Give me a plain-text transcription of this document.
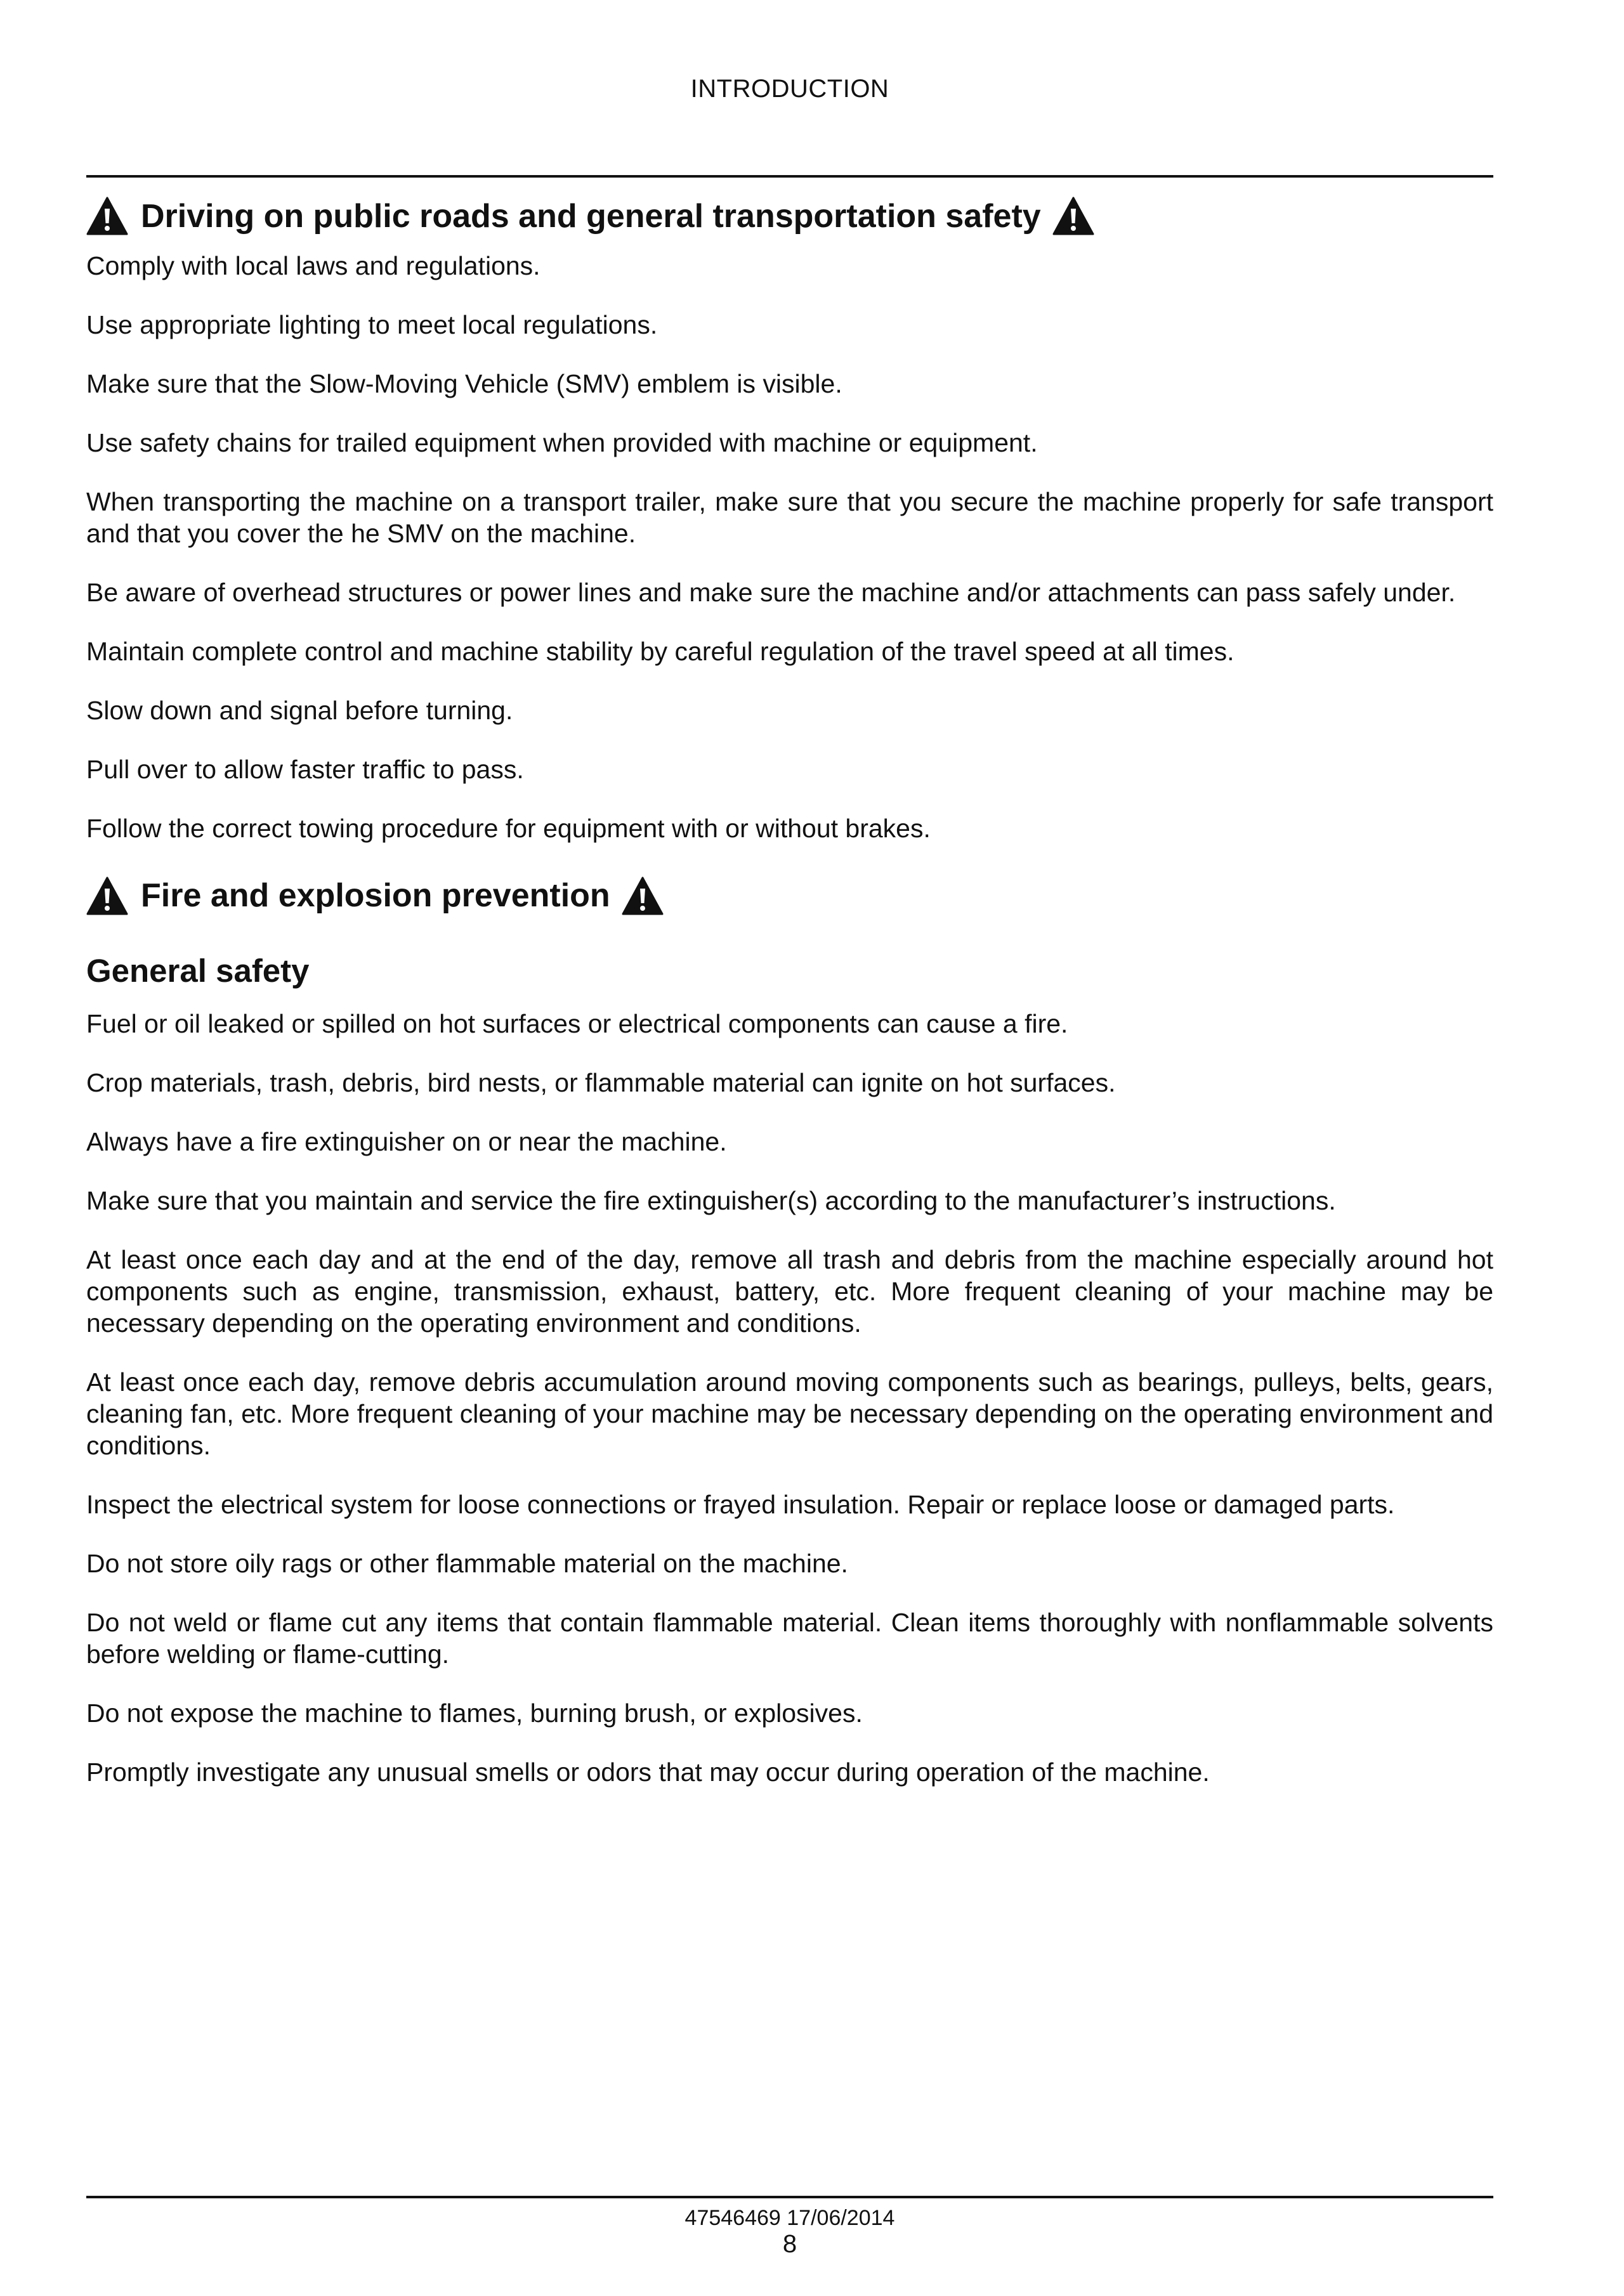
INTRODUCTION
Driving on public roads and general transportation safety

Comply with local laws and regulations.

Use appropriate lighting to meet local regulations.

Make sure that the Slow-Moving Vehicle (SMV) emblem is visible.

Use safety chains for trailed equipment when provided with machine or equipment.

When transporting the machine on a transport trailer, make sure that you secure the machine properly for safe transport and that you cover the he SMV on the machine.

Be aware of overhead structures or power lines and make sure the machine and/or attachments can pass safely under.

Maintain complete control and machine stability by careful regulation of the travel speed at all times.

Slow down and signal before turning.

Pull over to allow faster traffic to pass.

Follow the correct towing procedure for equipment with or without brakes.

Fire and explosion prevention
General safety

Fuel or oil leaked or spilled on hot surfaces or electrical components can cause a fire.

Crop materials, trash, debris, bird nests, or flammable material can ignite on hot surfaces.

Always have a fire extinguisher on or near the machine.

Make sure that you maintain and service the fire extinguisher(s) according to the manufacturer’s instructions.

At least once each day and at the end of the day, remove all trash and debris from the machine especially around hot components such as engine, transmission, exhaust, battery, etc. More frequent cleaning of your machine may be necessary depending on the operating environment and conditions.

At least once each day, remove debris accumulation around moving components such as bearings, pulleys, belts, gears, cleaning fan, etc. More frequent cleaning of your machine may be necessary depending on the operating environment and conditions.

Inspect the electrical system for loose connections or frayed insulation. Repair or replace loose or damaged parts.

Do not store oily rags or other flammable material on the machine.

Do not weld or flame cut any items that contain flammable material. Clean items thoroughly with nonflammable solvents before welding or flame-cutting.

Do not expose the machine to flames, burning brush, or explosives.

Promptly investigate any unusual smells or odors that may occur during operation of the machine.

47546469 17/06/2014
8
